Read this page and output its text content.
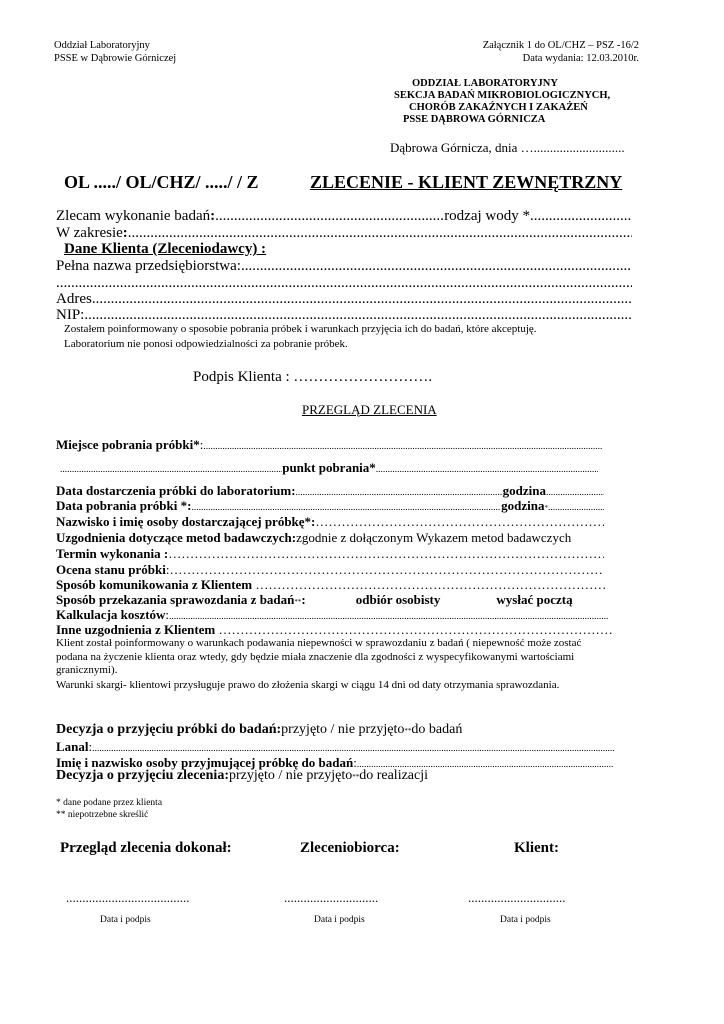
Oddział Laboratoryjny
PSSE w Dąbrowie Górniczej
Załącznik 1 do OL/CHZ – PSZ -16/2
Data wydania: 12.03.2010r.
ODDZIAŁ LABORATORYJNY
SEKCJA BADAŃ MIKROBIOLOGICZNYCH,
CHORÓB ZAKAŹNYCH I ZAKAŻEŃ
PSSE DĄBROWA GÓRNICZA
Dąbrowa Górnicza, dnia …............................
OL ...../ OL/CHZ/ ...../ / Z	ZLECENIE - KLIENT ZEWNĘTRZNY
Zlecam wykonanie badań : .....	rodzaj wody *
.....
W zakresie :
.....
Dane Klienta (Zleceniodawcy) :
Pełna nazwa przedsiębiorstwa:
.....
.....
Adres
.....
NIP:
.....
Zostałem poinformowany o sposobie pobrania próbek i warunkach przyjęcia ich do badań, które akceptuję.
Laboratorium nie ponosi odpowiedzialności za pobranie próbek.
Podpis Klienta : ……………………….
PRZEGLĄD ZLECENIA
Miejsce pobrania próbki* :
.....
.....
punkt pobrania*
.....
Data dostarczenia próbki do laboratorium: .....	godzina
.....
Data pobrania próbki *: .....	godzina *
.....
Nazwisko i imię osoby dostarczającej próbkę*:
……………………………………………………………………………………………………………………………………………
Uzgodnienia dotyczące metod badawczych: zgodnie z dołączonym Wykazem metod badawczych
Termin wykonania :
……………………………………………………………………………………………………………………………………………
Ocena stanu próbki :
……………………………………………………………………………………………………………………………………………
Sposób komunikowania z Klientem

……………………………………………………………………………………………………………………………………………
Sposób przekazania sprawozdania z badań ** :	odbiór osobisty	wysłać pocztą
Kalkulacja kosztów :
.....
Inne uzgodnienia z Klientem

……………………………………………………………………………………………………………………………………………
Klient został poinformowany o warunkach podawania niepewności w sprawozdaniu z badań ( niepewność może zostać podana na życzenie klienta oraz wtedy, gdy będzie miała znaczenie dla zgodności z wyspecyfikowanymi wartościami granicznymi).
Warunki skargi- klientowi przysługuje prawo do złożenia skargi w ciągu 14 dni od daty otrzymania sprawozdania.
Decyzja o przyjęciu próbki do badań : przyjęto / nie przyjęto ** do badań
Lanal :
.....
Imię i nazwisko osoby przyjmującej próbkę do badań :
.....
Decyzja o przyjęciu zlecenia: przyjęto / nie przyjęto ** do realizacji
* dane podane przez klienta
** niepotrzebne skreślić
Przegląd zlecenia dokonał:	Zleceniobiorca:	Klient:
......................................	.............................	..............................
Data i podpis	Data i podpis	Data i podpis
